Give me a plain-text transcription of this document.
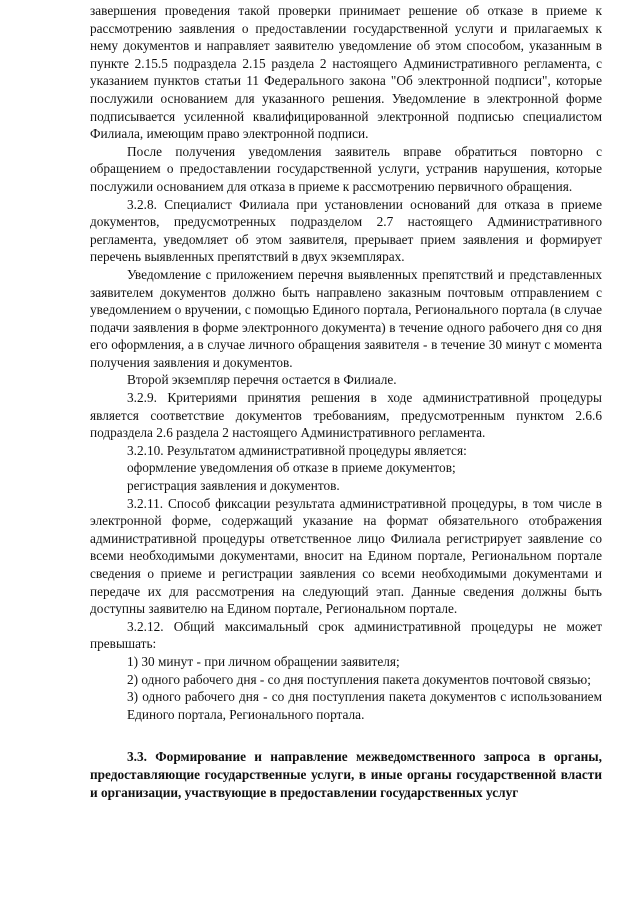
завершения проведения такой проверки принимает решение об отказе в приеме к рассмотрению заявления о предоставлении государственной услуги и прилагаемых к нему документов и направляет заявителю уведомление об этом способом, указанным в пункте 2.15.5 подраздела 2.15 раздела 2 настоящего Административного регламента, с указанием пунктов статьи 11 Федерального закона "Об электронной подписи", которые послужили основанием для указанного решения. Уведомление в электронной форме подписывается усиленной квалифицированной электронной подписью специалистом Филиала, имеющим право электронной подписи.

После получения уведомления заявитель вправе обратиться повторно с обращением о предоставлении государственной услуги, устранив нарушения, которые послужили основанием для отказа в приеме к рассмотрению первичного обращения.

3.2.8. Специалист Филиала при установлении оснований для отказа в приеме документов, предусмотренных подразделом 2.7 настоящего Административного регламента, уведомляет об этом заявителя, прерывает прием заявления и формирует перечень выявленных препятствий в двух экземплярах.

Уведомление с приложением перечня выявленных препятствий и представленных заявителем документов должно быть направлено заказным почтовым отправлением с уведомлением о вручении, с помощью Единого портала, Регионального портала (в случае подачи заявления в форме электронного документа) в течение одного рабочего дня со дня его оформления, а в случае личного обращения заявителя - в течение 30 минут с момента получения заявления и документов.

Второй экземпляр перечня остается в Филиале.

3.2.9. Критериями принятия решения в ходе административной процедуры является соответствие документов требованиям, предусмотренным пунктом 2.6.6 подраздела 2.6 раздела 2 настоящего Административного регламента.

3.2.10. Результатом административной процедуры является:

оформление уведомления об отказе в приеме документов;

регистрация заявления и документов.

3.2.11. Способ фиксации результата административной процедуры, в том числе в электронной форме, содержащий указание на формат обязательного отображения административной процедуры ответственное лицо Филиала регистрирует заявление со всеми необходимыми документами, вносит на Едином портале, Региональном портале сведения о приеме и регистрации заявления со всеми необходимыми документами и передаче их для рассмотрения на следующий этап. Данные сведения должны быть доступны заявителю на Едином портале, Региональном портале.

3.2.12. Общий максимальный срок административной процедуры не может превышать:

1) 30 минут - при личном обращении заявителя;

2) одного рабочего дня - со дня поступления пакета документов почтовой связью;

3) одного рабочего дня - со дня поступления пакета документов с использованием Единого портала, Регионального портала.

3.3. Формирование и направление межведомственного запроса в органы, предоставляющие государственные услуги, в иные органы государственной власти и организации, участвующие в предоставлении государственных услуг
